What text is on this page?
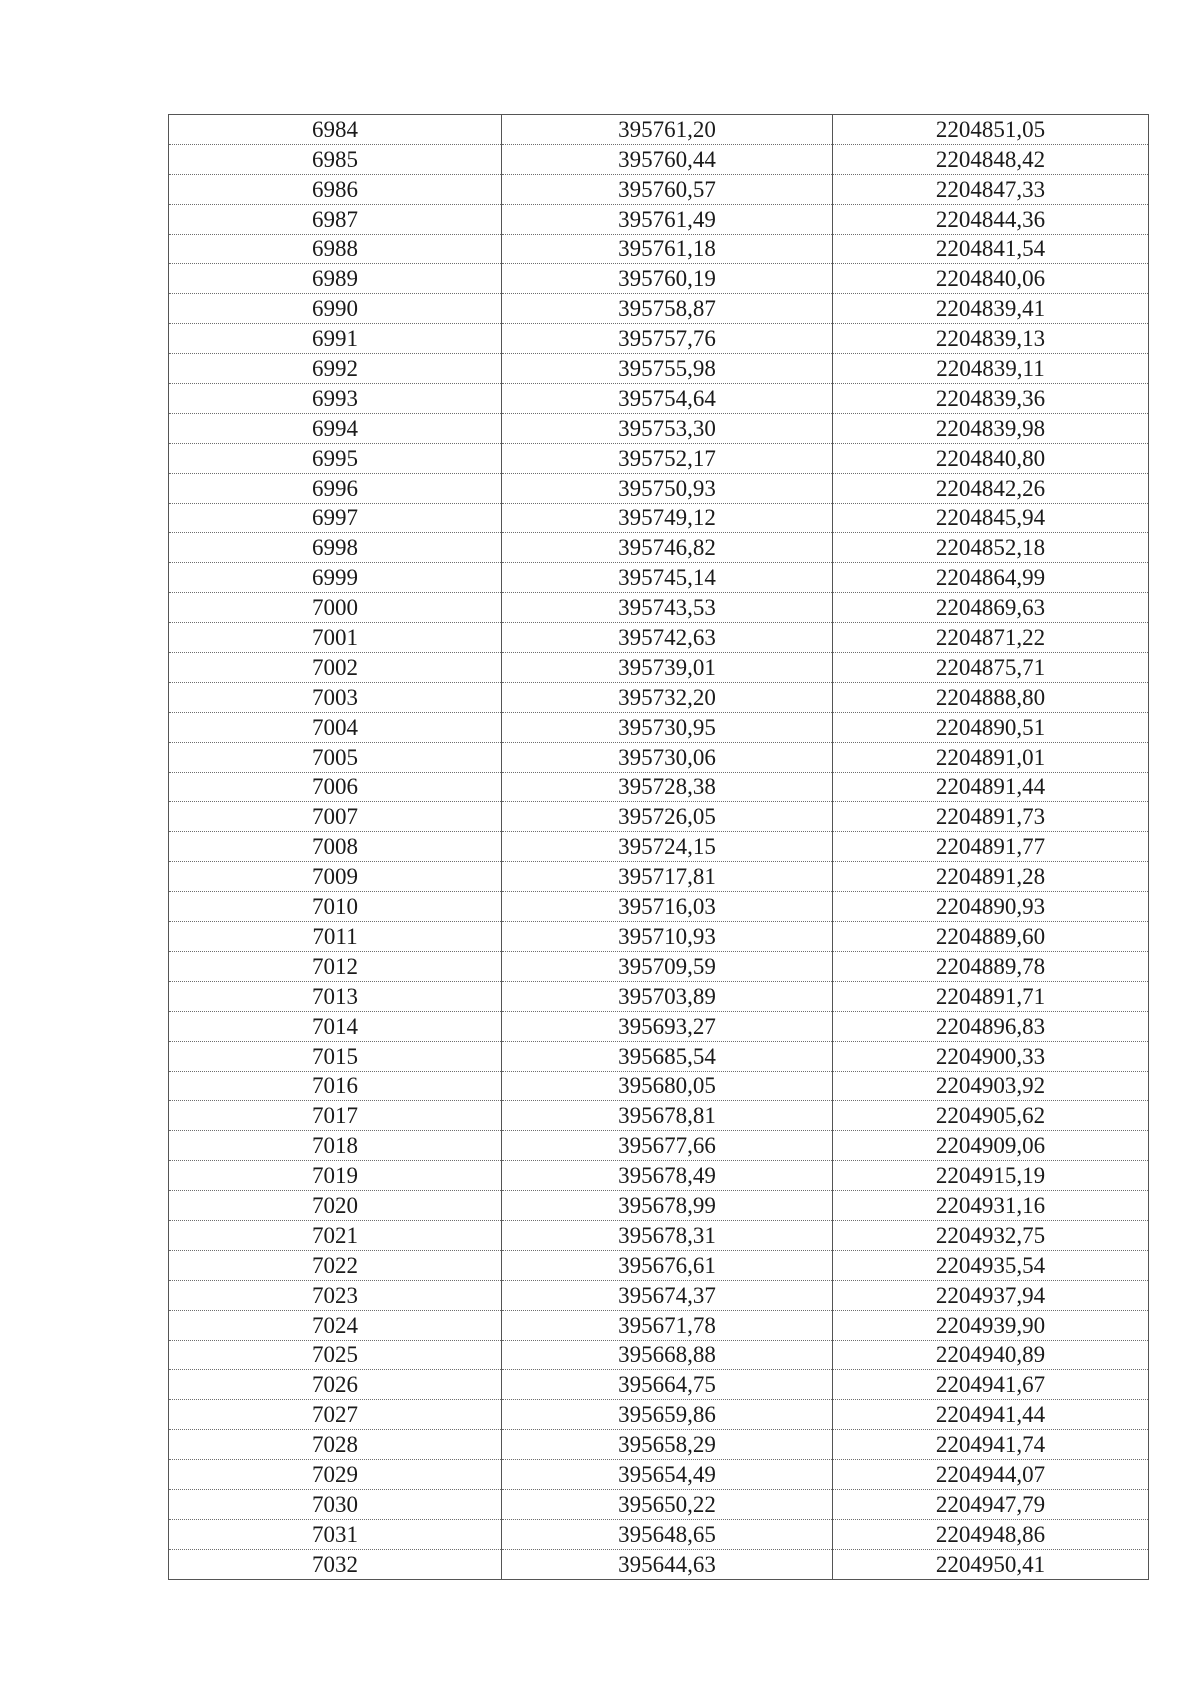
6984	395761,20	2204851,05
6985	395760,44	2204848,42
6986	395760,57	2204847,33
6987	395761,49	2204844,36
6988	395761,18	2204841,54
6989	395760,19	2204840,06
6990	395758,87	2204839,41
6991	395757,76	2204839,13
6992	395755,98	2204839,11
6993	395754,64	2204839,36
6994	395753,30	2204839,98
6995	395752,17	2204840,80
6996	395750,93	2204842,26
6997	395749,12	2204845,94
6998	395746,82	2204852,18
6999	395745,14	2204864,99
7000	395743,53	2204869,63
7001	395742,63	2204871,22
7002	395739,01	2204875,71
7003	395732,20	2204888,80
7004	395730,95	2204890,51
7005	395730,06	2204891,01
7006	395728,38	2204891,44
7007	395726,05	2204891,73
7008	395724,15	2204891,77
7009	395717,81	2204891,28
7010	395716,03	2204890,93
7011	395710,93	2204889,60
7012	395709,59	2204889,78
7013	395703,89	2204891,71
7014	395693,27	2204896,83
7015	395685,54	2204900,33
7016	395680,05	2204903,92
7017	395678,81	2204905,62
7018	395677,66	2204909,06
7019	395678,49	2204915,19
7020	395678,99	2204931,16
7021	395678,31	2204932,75
7022	395676,61	2204935,54
7023	395674,37	2204937,94
7024	395671,78	2204939,90
7025	395668,88	2204940,89
7026	395664,75	2204941,67
7027	395659,86	2204941,44
7028	395658,29	2204941,74
7029	395654,49	2204944,07
7030	395650,22	2204947,79
7031	395648,65	2204948,86
7032	395644,63	2204950,41
